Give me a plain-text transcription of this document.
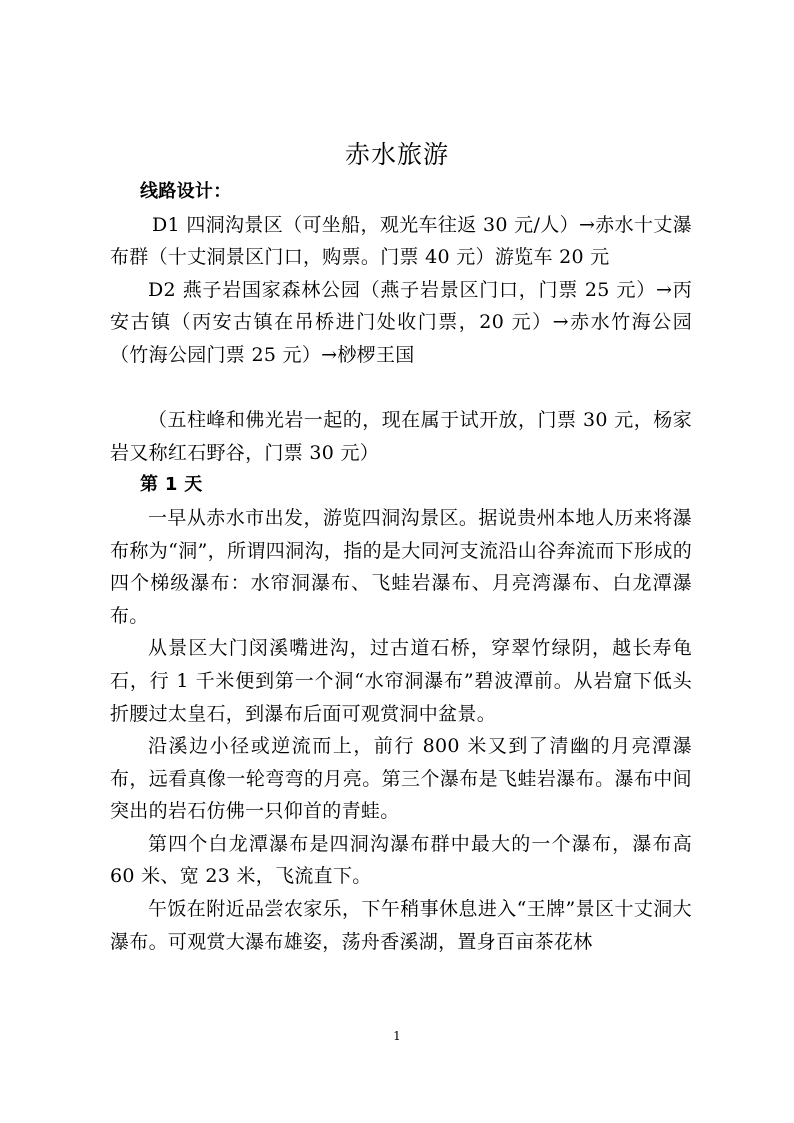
赤水旅游

线路设计：

D1 四洞沟景区（可坐船，观光车往返 30 元/人）→赤水十丈瀑布群（十丈洞景区门口，购票。门票 40 元）游览车 20 元

D2 燕子岩国家森林公园（燕子岩景区门口，门票 25 元）→丙安古镇（丙安古镇在吊桥进门处收门票，20 元）→赤水竹海公园（竹海公园门票 25 元）→桫椤王国

（五柱峰和佛光岩一起的，现在属于试开放，门票 30 元，杨家岩又称红石野谷，门票 30 元）

第 1 天

一早从赤水市出发，游览四洞沟景区。据说贵州本地人历来将瀑布称为“洞”，所谓四洞沟，指的是大同河支流沿山谷奔流而下形成的四个梯级瀑布：水帘洞瀑布、飞蛙岩瀑布、月亮湾瀑布、白龙潭瀑布。

从景区大门闵溪嘴进沟，过古道石桥，穿翠竹绿阴，越长寿龟石，行 1 千米便到第一个洞“水帘洞瀑布”碧波潭前。从岩窟下低头折腰过太皇石，到瀑布后面可观赏洞中盆景。

沿溪边小径或逆流而上，前行 800 米又到了清幽的月亮潭瀑布，远看真像一轮弯弯的月亮。第三个瀑布是飞蛙岩瀑布。瀑布中间突出的岩石仿佛一只仰首的青蛙。

第四个白龙潭瀑布是四洞沟瀑布群中最大的一个瀑布，瀑布高 60 米、宽 23 米，飞流直下。

午饭在附近品尝农家乐，下午稍事休息进入“王牌”景区十丈洞大瀑布。可观赏大瀑布雄姿，荡舟香溪湖，置身百亩茶花林

1
